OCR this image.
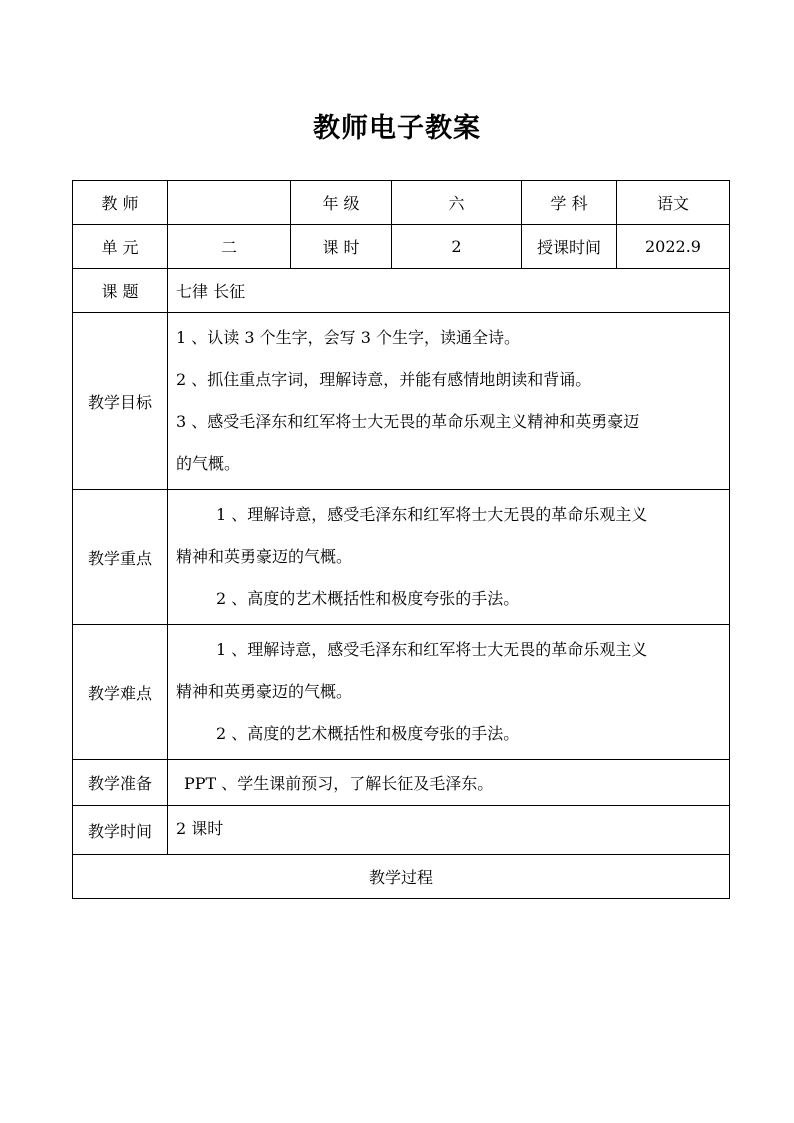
教师电子教案
教 师		年 级	六	学 科	语文
单 元	二	课 时	2	授课时间	2022.9
课 题	七律 长征				
教学目标	1 、认读 3 个生字，会写 3 个生字，读通全诗。

2 、抓住重点字词，理解诗意，并能有感情地朗读和背诵。

3 、感受毛泽东和红军将士大无畏的革命乐观主义精神和英勇豪迈

的气概。				

教学重点	1 、理解诗意，感受毛泽东和红军将士大无畏的革命乐观主义

精神和英勇豪迈的气概。

2 、高度的艺术概括性和极度夸张的手法。				

教学难点	1 、理解诗意，感受毛泽东和红军将士大无畏的革命乐观主义

精神和英勇豪迈的气概。

2 、高度的艺术概括性和极度夸张的手法。				

教学准备	PPT 、学生课前预习，了解长征及毛泽东。				
教学时间	2 课时				
教学过程					
